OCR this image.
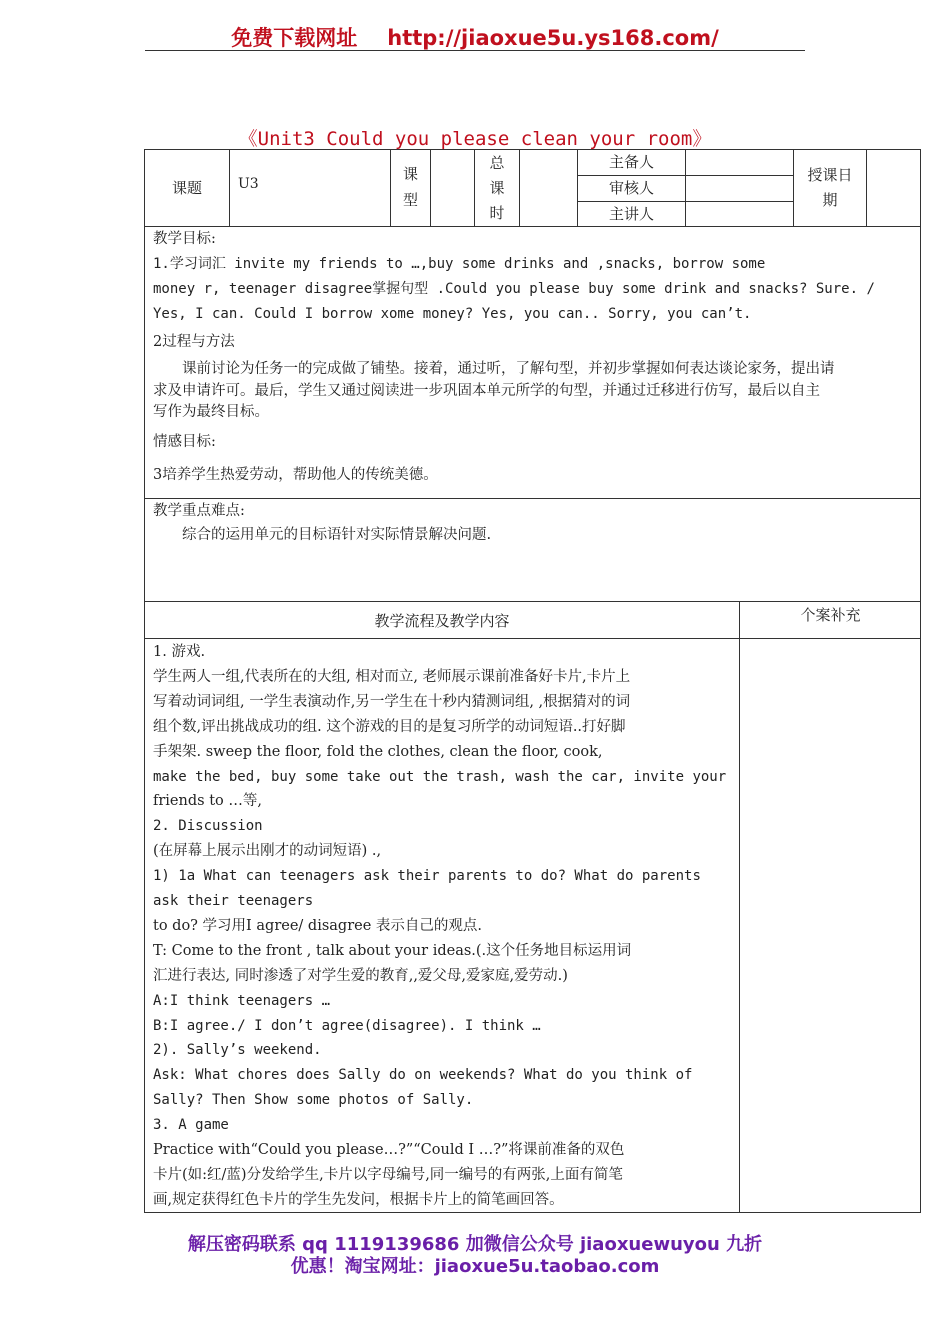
免费下载网址 http://jiaoxue5u.ys168.com/
《Unit3 Could you please clean your room》
课题	U3
课
型
总
课
时
主备人
审核人
主讲人
授课日
期
教学目标:
1.学习词汇 invite my friends to …,buy some drinks and ,snacks, borrow some
money r, teenager disagree掌握句型 .Could you please buy some drink and snacks? Sure. /
Yes, I can. Could I borrow xome money? Yes, you can.. Sorry, you can’t.
2过程与方法
　　课前讨论为任务一的完成做了铺垫。接着，通过听，了解句型，并初步掌握如何表达谈论家务，提出请
求及申请许可。最后，学生又通过阅读进一步巩固本单元所学的句型，并通过迁移进行仿写，最后以自主
写作为最终目标。
情感目标:
3培养学生热爱劳动，帮助他人的传统美德。
教学重点难点:
　　综合的运用单元的目标语针对实际情景解决问题.
教学流程及教学内容	个案补充
1. 游戏.
学生两人一组,代表所在的大组, 相对而立, 老师展示课前准备好卡片,卡片上
写着动词词组, 一学生表演动作,另一学生在十秒内猜测词组, ,根据猜对的词
组个数,评出挑战成功的组. 这个游戏的目的是复习所学的动词短语..打好脚
手架架. sweep the floor, fold the clothes, clean the floor, cook,
make the bed, buy some take out the trash, wash the car, invite your
friends to …等,
2. Discussion
(在屏幕上展示出刚才的动词短语) .,
1) 1a What can teenagers ask their parents to do? What do parents
ask their teenagers
to do? 学习用I agree/ disagree 表示自己的观点.
T: Come to the front , talk about your ideas.(.这个任务地目标运用词
汇进行表达, 同时渗透了对学生爱的教育,,爱父母,爱家庭,爱劳动.)
A:I think teenagers …
B:I agree./ I don’t agree(disagree). I think …
2). Sally’s weekend.
Ask: What chores does Sally do on weekends? What do you think of
Sally? Then Show some photos of Sally.
3. A game
Practice with“Could you please…?”“Could I …?”将课前准备的双色
卡片(如:红/蓝)分发给学生,卡片以字母编号,同一编号的有两张,上面有简笔
画,规定获得红色卡片的学生先发问，根据卡片上的简笔画回答。
解压密码联系 qq 1119139686 加微信公众号 jiaoxuewuyou 九折
优惠！淘宝网址：jiaoxue5u.taobao.com
